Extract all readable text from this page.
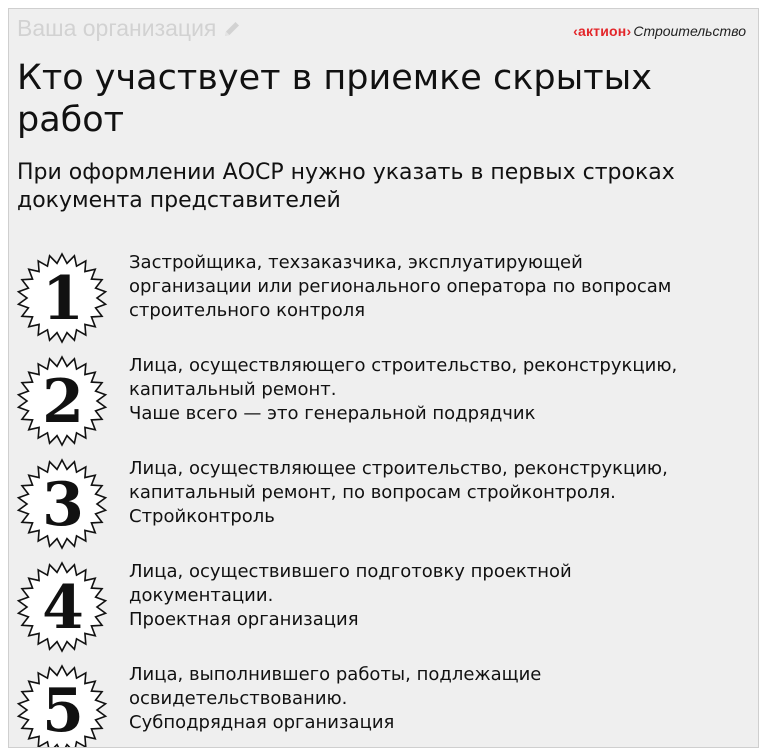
Ваша организация	‹актион› Строительство
Кто участвует в приемке скрытых работ

При оформлении АОСР нужно указать в первых строках документа представителей

1
Застройщика, техзаказчика, эксплуатирующей
организации или регионального оператора по вопросам
строительного контроля
2
Лица, осуществляющего строительство, реконструкцию,
капитальный ремонт.
Чаше всего — это генеральной подрядчик
3
Лица, осуществляющее строительство, реконструкцию,
капитальный ремонт, по вопросам стройконтроля.
Стройконтроль
4
Лица, осуществившего подготовку проектной
документации.
Проектная организация
5
Лица, выполнившего работы, подлежащие
освидетельствованию.
Субподрядная организация
